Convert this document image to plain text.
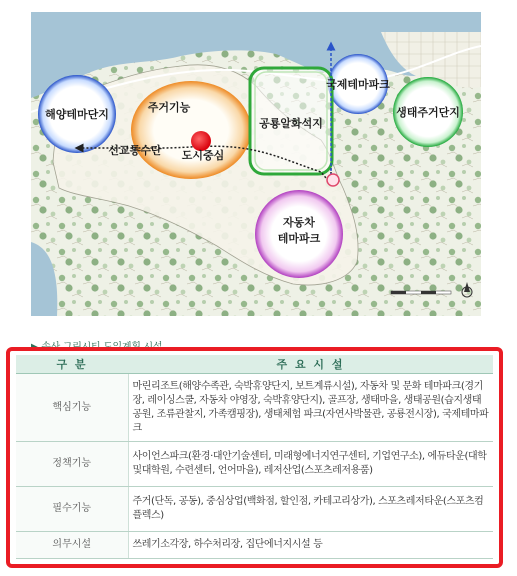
해양테마단지
주거기능
신교통수단 도시중심
공룡알화석지
국제테마파크
생태주거단지
자동차
테마파크
구 분	주 요 시 설
핵심기능	마린리조트(해양수족관, 숙박휴양단지, 보트계류시설), 자동차 및 문화 테마파크(경기장, 레이싱스쿨, 자동차 야영장, 숙박휴양단지), 골프장, 생태마을, 생태공원(습지생태공원, 조류관찰지, 가족캠핑장), 생태체험 파크(자연사박물관, 공룡전시장), 국제테마파크
정책기능	사이언스파크(환경·대안기술센터, 미래형에너지연구센터, 기업연구소), 에듀타운(대학및대학원, 수련센터, 언어마을), 레저산업(스포츠레저용품)
필수기능	주거(단독, 공동), 중심상업(백화점, 할인점, 카테고리상가), 스포츠레저타운(스포츠컴플렉스)
의무시설	쓰레기소각장, 하수처리장, 집단에너지시설 등
